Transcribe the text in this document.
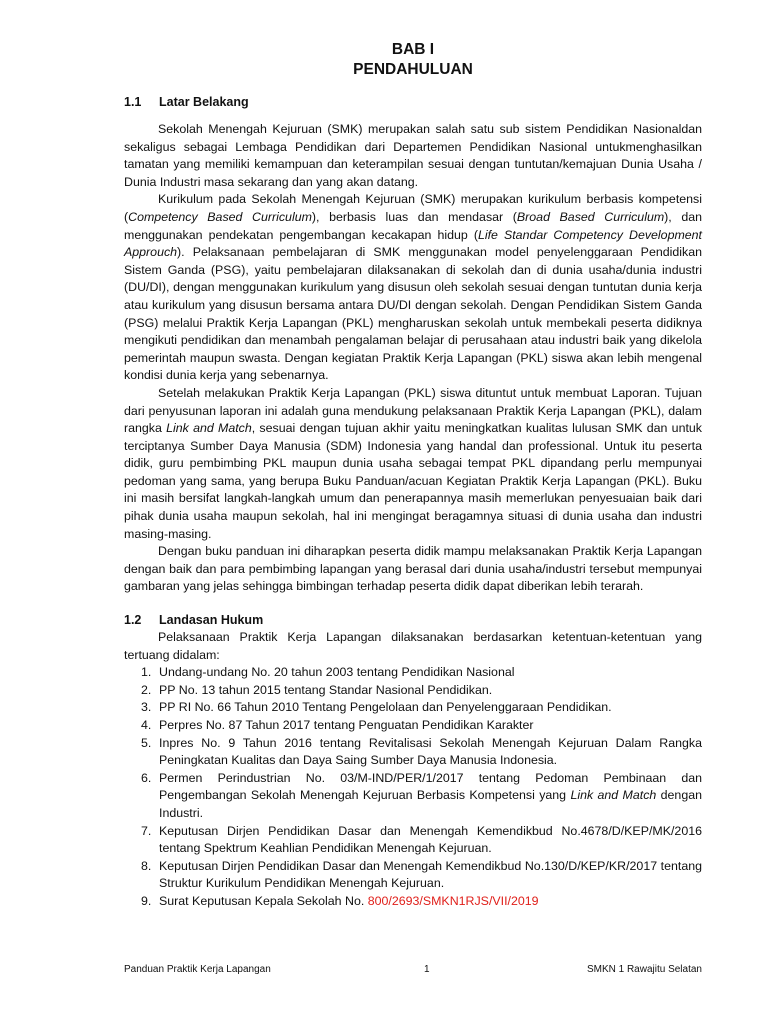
BAB I
PENDAHULUAN
1.1 Latar Belakang

Sekolah Menengah Kejuruan (SMK) merupakan salah satu sub sistem Pendidikan Nasionaldan sekaligus sebagai Lembaga Pendidikan dari Departemen Pendidikan Nasional untukmenghasilkan tamatan yang memiliki kemampuan dan keterampilan sesuai dengan tuntutan/kemajuan Dunia Usaha / Dunia Industri masa sekarang dan yang akan datang.

Kurikulum pada Sekolah Menengah Kejuruan (SMK) merupakan kurikulum berbasis kompetensi (Competency Based Curriculum), berbasis luas dan mendasar (Broad Based Curriculum), dan menggunakan pendekatan pengembangan kecakapan hidup (Life Standar Competency Development Approuch). Pelaksanaan pembelajaran di SMK menggunakan model penyelenggaraan Pendidikan Sistem Ganda (PSG), yaitu pembelajaran dilaksanakan di sekolah dan di dunia usaha/dunia industri (DU/DI), dengan menggunakan kurikulum yang disusun oleh sekolah sesuai dengan tuntutan dunia kerja atau kurikulum yang disusun bersama antara DU/DI dengan sekolah. Dengan Pendidikan Sistem Ganda (PSG) melalui Praktik Kerja Lapangan (PKL) mengharuskan sekolah untuk membekali peserta didiknya mengikuti pendidikan dan menambah pengalaman belajar di perusahaan atau industri baik yang dikelola pemerintah maupun swasta. Dengan kegiatan Praktik Kerja Lapangan (PKL) siswa akan lebih mengenal kondisi dunia kerja yang sebenarnya.

Setelah melakukan Praktik Kerja Lapangan (PKL) siswa dituntut untuk membuat Laporan. Tujuan dari penyusunan laporan ini adalah guna mendukung pelaksanaan Praktik Kerja Lapangan (PKL), dalam rangka Link and Match, sesuai dengan tujuan akhir yaitu meningkatkan kualitas lulusan SMK dan untuk terciptanya Sumber Daya Manusia (SDM) Indonesia yang handal dan professional. Untuk itu peserta didik, guru pembimbing PKL maupun dunia usaha sebagai tempat PKL dipandang perlu mempunyai pedoman yang sama, yang berupa Buku Panduan/acuan Kegiatan Praktik Kerja Lapangan (PKL). Buku ini masih bersifat langkah-langkah umum dan penerapannya masih memerlukan penyesuaian baik dari pihak dunia usaha maupun sekolah, hal ini mengingat beragamnya situasi di dunia usaha dan industri masing-masing.

Dengan buku panduan ini diharapkan peserta didik mampu melaksanakan Praktik Kerja Lapangan dengan baik dan para pembimbing lapangan yang berasal dari dunia usaha/industri tersebut mempunyai gambaran yang jelas sehingga bimbingan terhadap peserta didik dapat diberikan lebih terarah.

1.2 Landasan Hukum

Pelaksanaan Praktik Kerja Lapangan dilaksanakan berdasarkan ketentuan-ketentuan yang tertuang didalam:

1. Undang-undang No. 20 tahun 2003 tentang Pendidikan Nasional
2. PP No. 13 tahun 2015 tentang Standar Nasional Pendidikan.
3. PP RI No. 66 Tahun 2010 Tentang Pengelolaan dan Penyelenggaraan Pendidikan.
4. Perpres No. 87 Tahun 2017 tentang Penguatan Pendidikan Karakter
5. Inpres No. 9 Tahun 2016 tentang Revitalisasi Sekolah Menengah Kejuruan Dalam Rangka Peningkatan Kualitas dan Daya Saing Sumber Daya Manusia Indonesia.
6. Permen Perindustrian No. 03/M-IND/PER/1/2017 tentang Pedoman Pembinaan dan Pengembangan Sekolah Menengah Kejuruan Berbasis Kompetensi yang Link and Match dengan Industri.
7. Keputusan Dirjen Pendidikan Dasar dan Menengah Kemendikbud No.4678/D/KEP/MK/2016 tentang Spektrum Keahlian Pendidikan Menengah Kejuruan.
8. Keputusan Dirjen Pendidikan Dasar dan Menengah Kemendikbud No.130/D/KEP/KR/2017 tentang Struktur Kurikulum Pendidikan Menengah Kejuruan.
9. Surat Keputusan Kepala Sekolah No. 800/2693/SMKN1RJS/VII/2019
Panduan Praktik Kerja Lapangan	1	SMKN 1 Rawajitu Selatan
